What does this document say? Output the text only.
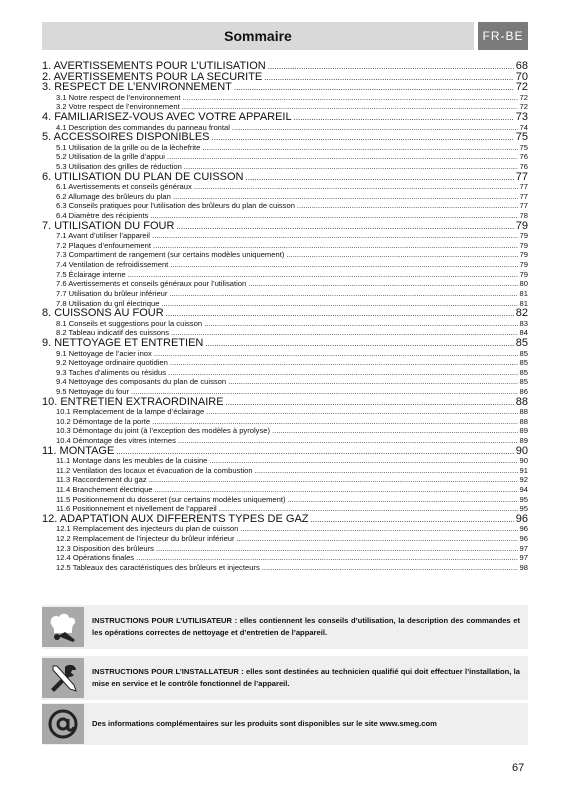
Sommaire	FR-BE
1. AVERTISSEMENTS POUR L’UTILISATION .....	68
2. AVERTISSEMENTS POUR LA SECURITE .....	70
3. RESPECT DE L’ENVIRONNEMENT .....	72
3.1 Notre respect de l’environnement .....	72
3.2 Votre respect de l’environnement .....	72
4. FAMILIARISEZ-VOUS AVEC VOTRE APPAREIL .....	73
4.1 Description des commandes du panneau frontal .....	74
5. ACCESSOIRES DISPONIBLES .....	75
5.1 Utilisation de la grille ou de la lèchefrite .....	75
5.2 Utilisation de la grille d’appui .....	76
5.3 Utilisation des grilles de réduction .....	76
6. UTILISATION DU PLAN DE CUISSON .....	77
6.1 Avertissements et conseils généraux .....	77
6.2 Allumage des brûleurs du plan .....	77
6.3 Conseils pratiques pour l’utilisation des brûleurs du plan de cuisson .....	77
6.4 Diamètre des récipients .....	78
7. UTILISATION DU FOUR .....	79
7.1 Avant d’utiliser l’appareil .....	79
7.2 Plaques d’enfournement .....	79
7.3 Compartiment de rangement (sur certains modèles uniquement) .....	79
7.4 Ventilation de refroidissement .....	79
7.5 Éclairage interne .....	79
7.6 Avertissements et conseils généraux pour l’utilisation .....	80
7.7 Utilisation du brûleur inférieur .....	81
7.8 Utilisation du gril électrique .....	81
8. CUISSONS AU FOUR .....	82
8.1 Conseils et suggestions pour la cuisson .....	83
8.2 Tableau indicatif des cuissons .....	84
9. NETTOYAGE ET ENTRETIEN .....	85
9.1 Nettoyage de l’acier inox .....	85
9.2 Nettoyage ordinaire quotidien .....	85
9.3 Taches d’aliments ou résidus .....	85
9.4 Nettoyage des composants du plan de cuisson .....	85
9.5 Nettoyage du four .....	86
10. ENTRETIEN EXTRAORDINAIRE .....	88
10.1 Remplacement de la lampe d’éclairage .....	88
10.2 Démontage de la porte .....	88
10.3 Démontage du joint (à l’exception des modèles à pyrolyse) .....	89
10.4 Démontage des vitres internes .....	89
11. MONTAGE .....	90
11.1 Montage dans les meubles de la cuisine .....	90
11.2 Ventilation des locaux et évacuation de la combustion .....	91
11.3 Raccordement du gaz .....	92
11.4 Branchement électrique .....	94
11.5 Positionnement du dosseret (sur certains modèles uniquement) .....	95
11.6 Positionnement et nivellement de l’appareil .....	95
12. ADAPTATION AUX DIFFERENTS TYPES DE GAZ .....	96
12.1 Remplacement des injecteurs du plan de cuisson .....	96
12.2 Remplacement de l’injecteur du brûleur inférieur .....	96
12.3 Disposition des brûleurs .....	97
12.4 Opérations finales .....	97
12.5 Tableaux des caractéristiques des brûleurs et injecteurs .....	98
INSTRUCTIONS POUR L’UTILISATEUR : elles contiennent les conseils d’utilisation, la description des commandes et les opérations correctes de nettoyage et d’entretien de l’appareil.
INSTRUCTIONS POUR L’INSTALLATEUR : elles sont destinées au technicien qualifié qui doit effectuer l’installation, la mise en service et le contrôle fonctionnel de l’appareil.
Des informations complémentaires sur les produits sont disponibles sur le site www.smeg.com
67
